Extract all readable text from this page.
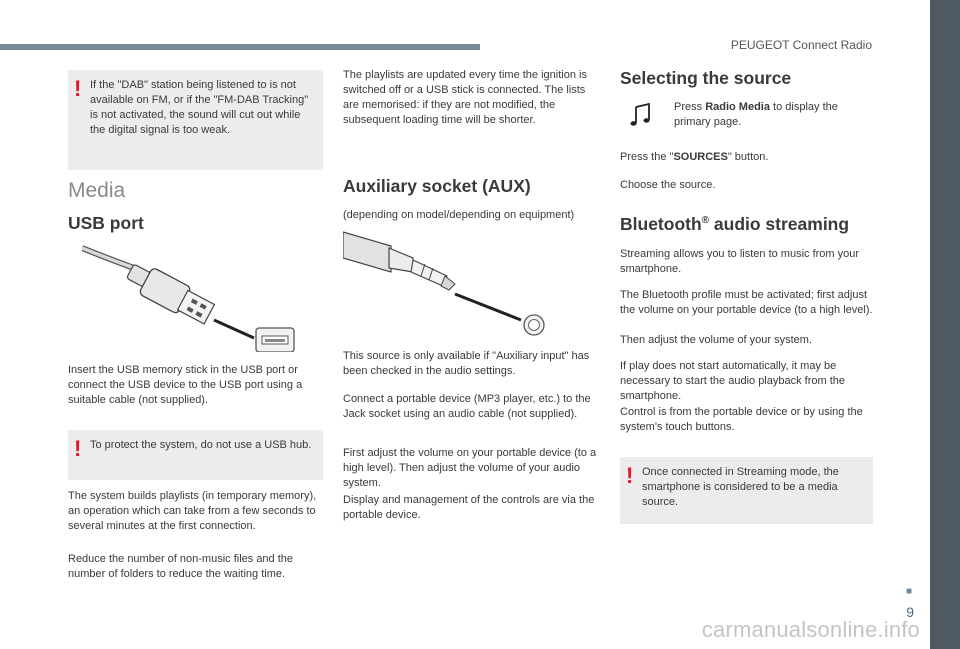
PEUGEOT Connect Radio
! If the "DAB" station being listened to is not available on FM, or if the "FM-DAB Tracking" is not activated, the sound will cut out while the digital signal is too weak.
Media
USB port

Insert the USB memory stick in the USB port or connect the USB device to the USB port using a suitable cable (not supplied).

! To protect the system, do not use a USB hub.

The system builds playlists (in temporary memory), an operation which can take from a few seconds to several minutes at the first connection.

Reduce the number of non-music files and the number of folders to reduce the waiting time.

The playlists are updated every time the ignition is switched off or a USB stick is connected. The lists are memorised: if they are not modified, the subsequent loading time will be shorter.

Auxiliary socket (AUX)

(depending on model/depending on equipment)

This source is only available if "Auxiliary input" has been checked in the audio settings.

Connect a portable device (MP3 player, etc.) to the Jack socket using an audio cable (not supplied).

First adjust the volume on your portable device (to a high level). Then adjust the volume of your audio system.

Display and management of the controls are via the portable device.

Selecting the source

Press Radio Media to display the primary page.

Press the "SOURCES" button.

Choose the source.

Bluetooth® audio streaming

Streaming allows you to listen to music from your smartphone.

The Bluetooth profile must be activated; first adjust the volume on your portable device (to a high level).

Then adjust the volume of your system.

If play does not start automatically, it may be necessary to start the audio playback from the smartphone.

Control is from the portable device or by using the system's touch buttons.

! Once connected in Streaming mode, the smartphone is considered to be a media source.
■
9
carmanualsonline.info
